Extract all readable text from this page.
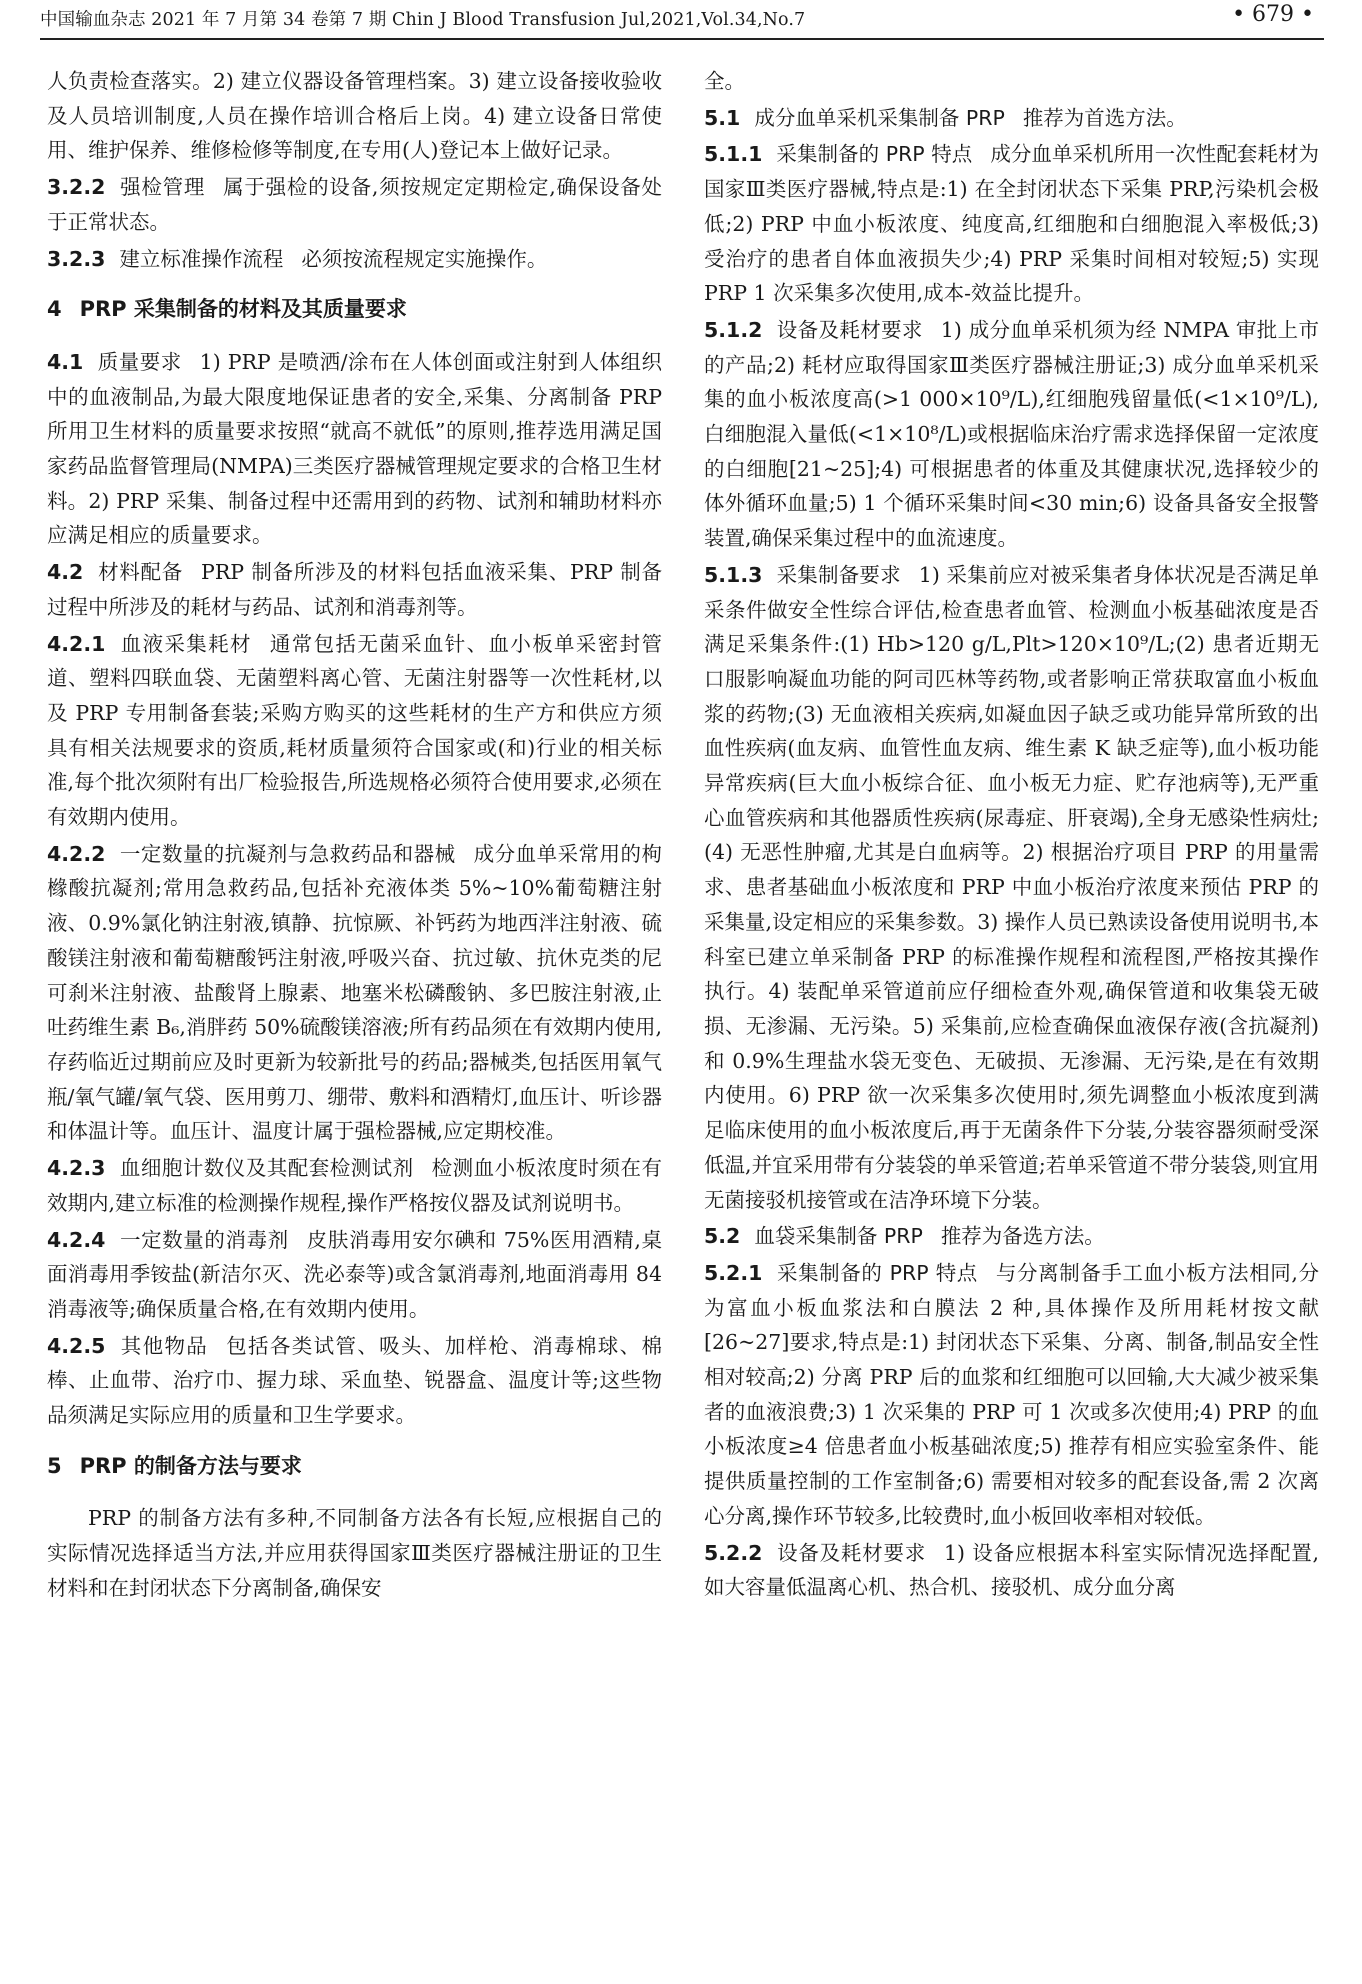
中国输血杂志 2021 年 7 月第 34 卷第 7 期 Chin J Blood Transfusion Jul,2021,Vol.34,No.7	• 679 •

人负责检查落实。2) 建立仪器设备管理档案。3) 建立设备接收验收及人员培训制度,人员在操作培训合格后上岗。4) 建立设备日常使用、维护保养、维修检修等制度,在专用(人)登记本上做好记录。

3.2.2 强检管理 属于强检的设备,须按规定定期检定,确保设备处于正常状态。

3.2.3 建立标准操作流程 必须按流程规定实施操作。

4 PRP 采集制备的材料及其质量要求

4.1 质量要求 1) PRP 是喷洒/涂布在人体创面或注射到人体组织中的血液制品,为最大限度地保证患者的安全,采集、分离制备 PRP 所用卫生材料的质量要求按照“就高不就低”的原则,推荐选用满足国家药品监督管理局(NMPA)三类医疗器械管理规定要求的合格卫生材料。2) PRP 采集、制备过程中还需用到的药物、试剂和辅助材料亦应满足相应的质量要求。

4.2 材料配备 PRP 制备所涉及的材料包括血液采集、PRP 制备过程中所涉及的耗材与药品、试剂和消毒剂等。

4.2.1 血液采集耗材 通常包括无菌采血针、血小板单采密封管道、塑料四联血袋、无菌塑料离心管、无菌注射器等一次性耗材,以及 PRP 专用制备套装;采购方购买的这些耗材的生产方和供应方须具有相关法规要求的资质,耗材质量须符合国家或(和)行业的相关标准,每个批次须附有出厂检验报告,所选规格必须符合使用要求,必须在有效期内使用。

4.2.2 一定数量的抗凝剂与急救药品和器械 成分血单采常用的枸橼酸抗凝剂;常用急救药品,包括补充液体类 5%~10%葡萄糖注射液、0.9%氯化钠注射液,镇静、抗惊厥、补钙药为地西泮注射液、硫酸镁注射液和葡萄糖酸钙注射液,呼吸兴奋、抗过敏、抗休克类的尼可刹米注射液、盐酸肾上腺素、地塞米松磷酸钠、多巴胺注射液,止吐药维生素 B₆,消胖药 50%硫酸镁溶液;所有药品须在有效期内使用,存药临近过期前应及时更新为较新批号的药品;器械类,包括医用氧气瓶/氧气罐/氧气袋、医用剪刀、绷带、敷料和酒精灯,血压计、听诊器和体温计等。血压计、温度计属于强检器械,应定期校准。

4.2.3 血细胞计数仪及其配套检测试剂 检测血小板浓度时须在有效期内,建立标准的检测操作规程,操作严格按仪器及试剂说明书。

4.2.4 一定数量的消毒剂 皮肤消毒用安尔碘和 75%医用酒精,桌面消毒用季铵盐(新洁尔灭、洗必泰等)或含氯消毒剂,地面消毒用 84 消毒液等;确保质量合格,在有效期内使用。

4.2.5 其他物品 包括各类试管、吸头、加样枪、消毒棉球、棉棒、止血带、治疗巾、握力球、采血垫、锐器盒、温度计等;这些物品须满足实际应用的质量和卫生学要求。

5 PRP 的制备方法与要求

PRP 的制备方法有多种,不同制备方法各有长短,应根据自己的实际情况选择适当方法,并应用获得国家Ⅲ类医疗器械注册证的卫生材料和在封闭状态下分离制备,确保安

全。

5.1 成分血单采机采集制备 PRP 推荐为首选方法。

5.1.1 采集制备的 PRP 特点 成分血单采机所用一次性配套耗材为国家Ⅲ类医疗器械,特点是:1) 在全封闭状态下采集 PRP,污染机会极低;2) PRP 中血小板浓度、纯度高,红细胞和白细胞混入率极低;3) 受治疗的患者自体血液损失少;4) PRP 采集时间相对较短;5) 实现 PRP 1 次采集多次使用,成本-效益比提升。

5.1.2 设备及耗材要求 1) 成分血单采机须为经 NMPA 审批上市的产品;2) 耗材应取得国家Ⅲ类医疗器械注册证;3) 成分血单采机采集的血小板浓度高(>1 000×10⁹/L),红细胞残留量低(<1×10⁹/L),白细胞混入量低(<1×10⁸/L)或根据临床治疗需求选择保留一定浓度的白细胞[21~25];4) 可根据患者的体重及其健康状况,选择较少的体外循环血量;5) 1 个循环采集时间<30 min;6) 设备具备安全报警装置,确保采集过程中的血流速度。

5.1.3 采集制备要求 1) 采集前应对被采集者身体状况是否满足单采条件做安全性综合评估,检查患者血管、检测血小板基础浓度是否满足采集条件:(1) Hb>120 g/L,Plt>120×10⁹/L;(2) 患者近期无口服影响凝血功能的阿司匹林等药物,或者影响正常获取富血小板血浆的药物;(3) 无血液相关疾病,如凝血因子缺乏或功能异常所致的出血性疾病(血友病、血管性血友病、维生素 K 缺乏症等),血小板功能异常疾病(巨大血小板综合征、血小板无力症、贮存池病等),无严重心血管疾病和其他器质性疾病(尿毒症、肝衰竭),全身无感染性病灶;(4) 无恶性肿瘤,尤其是白血病等。2) 根据治疗项目 PRP 的用量需求、患者基础血小板浓度和 PRP 中血小板治疗浓度来预估 PRP 的采集量,设定相应的采集参数。3) 操作人员已熟读设备使用说明书,本科室已建立单采制备 PRP 的标准操作规程和流程图,严格按其操作执行。4) 装配单采管道前应仔细检查外观,确保管道和收集袋无破损、无渗漏、无污染。5) 采集前,应检查确保血液保存液(含抗凝剂)和 0.9%生理盐水袋无变色、无破损、无渗漏、无污染,是在有效期内使用。6) PRP 欲一次采集多次使用时,须先调整血小板浓度到满足临床使用的血小板浓度后,再于无菌条件下分装,分装容器须耐受深低温,并宜采用带有分装袋的单采管道;若单采管道不带分装袋,则宜用无菌接驳机接管或在洁净环境下分装。

5.2 血袋采集制备 PRP 推荐为备选方法。

5.2.1 采集制备的 PRP 特点 与分离制备手工血小板方法相同,分为富血小板血浆法和白膜法 2 种,具体操作及所用耗材按文献[26~27]要求,特点是:1) 封闭状态下采集、分离、制备,制品安全性相对较高;2) 分离 PRP 后的血浆和红细胞可以回输,大大减少被采集者的血液浪费;3) 1 次采集的 PRP 可 1 次或多次使用;4) PRP 的血小板浓度≥4 倍患者血小板基础浓度;5) 推荐有相应实验室条件、能提供质量控制的工作室制备;6) 需要相对较多的配套设备,需 2 次离心分离,操作环节较多,比较费时,血小板回收率相对较低。

5.2.2 设备及耗材要求 1) 设备应根据本科室实际情况选择配置,如大容量低温离心机、热合机、接驳机、成分血分离
